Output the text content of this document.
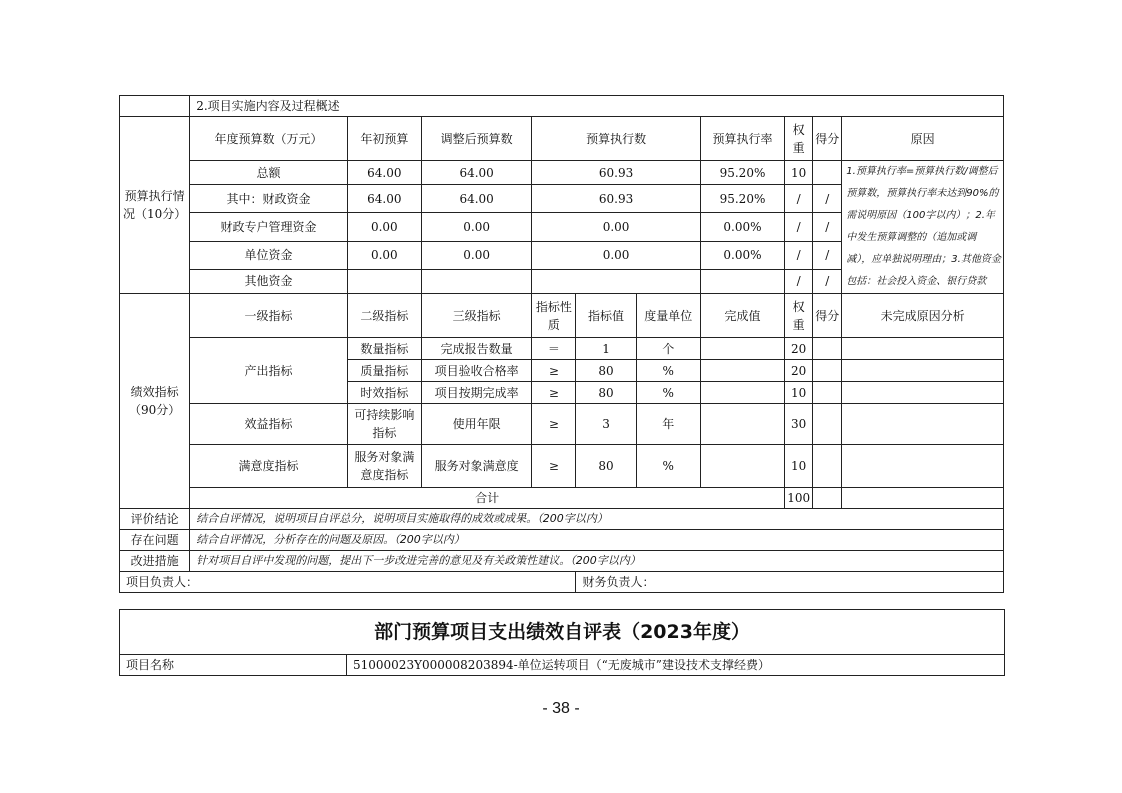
	2.项目实施内容及过程概述									
预算执行情况（10分）	年度预算数（万元）	年初预算	调整后预算数	预算执行数			预算执行率	权重	得分	原因
	总额	64.00	64.00	60.93			95.20%	10		1.预算执行率=预算执行数/调整后预算数，预算执行率未达到90%的需说明原因（100字以内）；2.年中发生预算调整的（追加或调减），应单独说明理由；3.其他资金包括：社会投入资金、银行贷款
	其中：财政资金	64.00	64.00	60.93			95.20%	/	/	
	财政专户管理资金	0.00	0.00	0.00			0.00%	/	/	
	单位资金	0.00	0.00	0.00			0.00%	/	/	
	其他资金							/	/	
绩效指标（90分）	一级指标	二级指标	三级指标	指标性质	指标值	度量单位	完成值	权重	得分	未完成原因分析
	产出指标	数量指标	完成报告数量	＝	1	个		20		
		质量指标	项目验收合格率	≥	80	%		20		
		时效指标	项目按期完成率	≥	80	%		10		
	效益指标	可持续影响指标	使用年限	≥	3	年		30		
	满意度指标	服务对象满意度指标	服务对象满意度	≥	80	%		10		
	合计							100		
评价结论	结合自评情况，说明项目自评总分，说明项目实施取得的成效或成果。（200字以内）									
存在问题	结合自评情况，分析存在的问题及原因。（200字以内）									
改进措施	针对项目自评中发现的问题，提出下一步改进完善的意见及有关政策性建议。（200字以内）									
项目负责人：					财务负责人：					
部门预算项目支出绩效自评表（2023年度）
项目名称	51000023Y000008203894-单位运转项目（“无废城市”建设技术支撑经费）
- 38 -
